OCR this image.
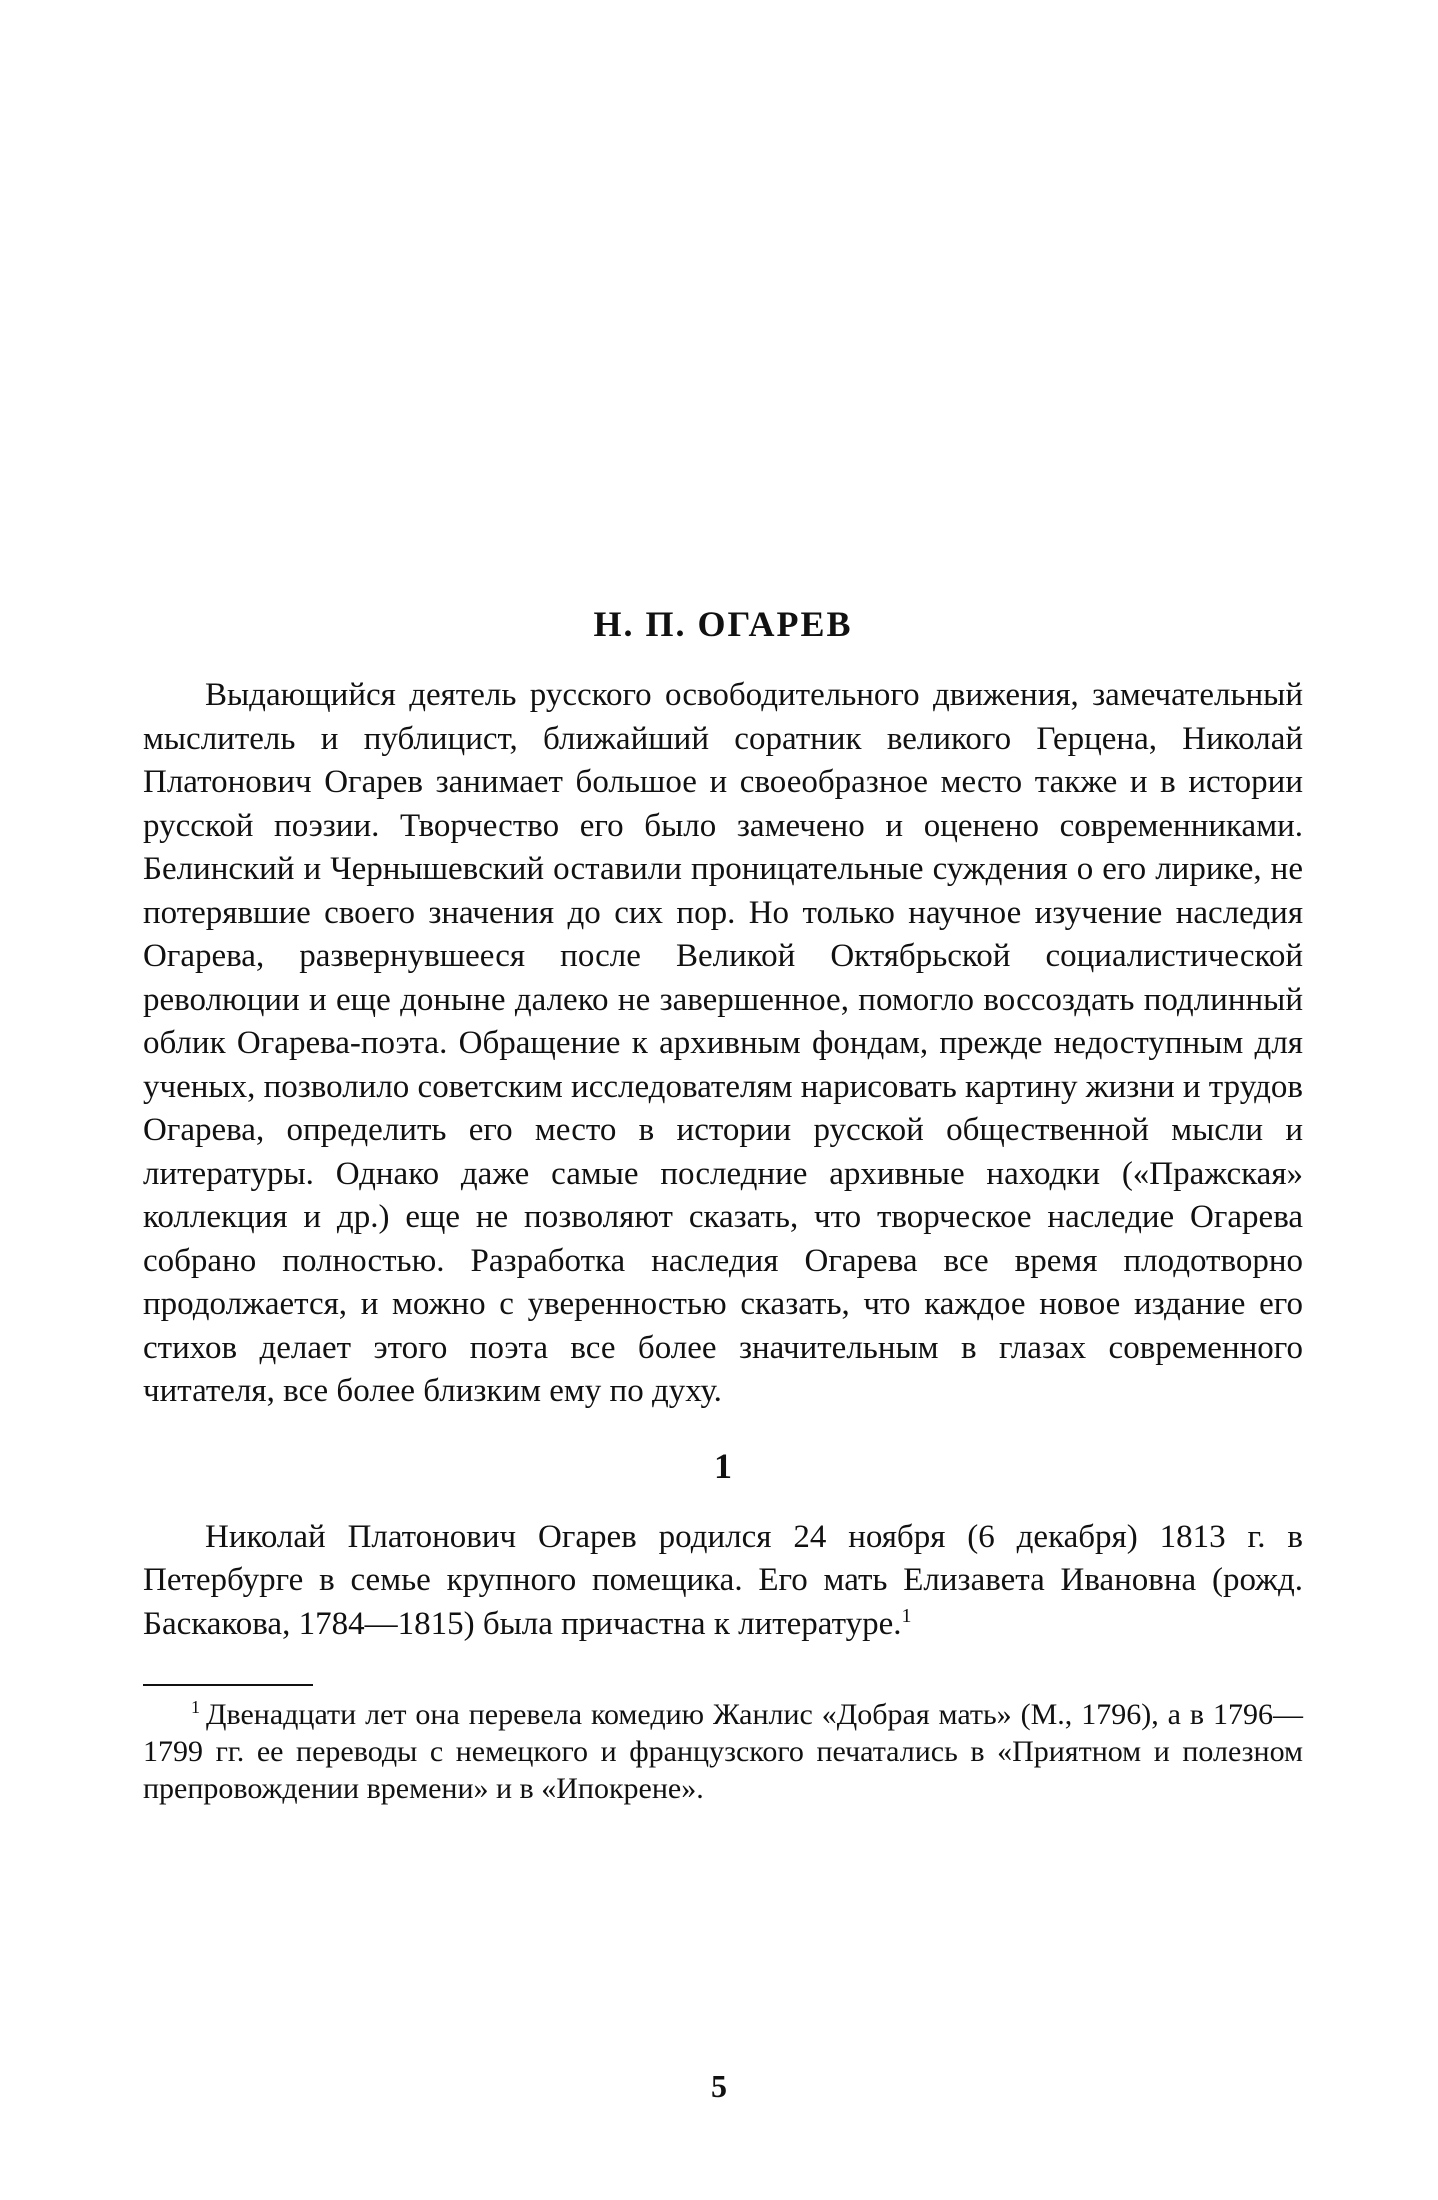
Н. П. ОГАРЕВ

Выдающийся деятель русского освободительного движения, замечательный мыслитель и публицист, ближайший соратник великого Герцена, Николай Платонович Огарев занимает большое и своеобразное место также и в истории русской поэзии. Творчество его было замечено и оценено современниками. Белинский и Чернышевский оставили проницательные суждения о его лирике, не потерявшие своего значения до сих пор. Но только научное изучение наследия Огарева, развернувшееся после Великой Октябрьской социалистической революции и еще доныне далеко не завершенное, помогло воссоздать подлинный облик Огарева-поэта. Обращение к архивным фондам, прежде недоступным для ученых, позволило советским исследователям нарисовать картину жизни и трудов Огарева, определить его место в истории русской общественной мысли и литературы. Однако даже самые последние архивные находки («Пражская» коллекция и др.) еще не позволяют сказать, что творческое наследие Огарева собрано полностью. Разработка наследия Огарева все время плодотворно продолжается, и можно с уверенностью сказать, что каждое новое издание его стихов делает этого поэта все более значительным в глазах современного читателя, все более близким ему по духу.

1

Николай Платонович Огарев родился 24 ноября (6 декабря) 1813 г. в Петербурге в семье крупного помещика. Его мать Елизавета Ивановна (рожд. Баскакова, 1784—1815) была причастна к литературе.$^1$

$^1$ Двенадцати лет она перевела комедию Жанлис «Добрая мать» (М., 1796), а в 1796—1799 гг. ее переводы с немецкого и французского печатались в «Приятном и полезном препровождении времени» и в «Ипокрене».

5
